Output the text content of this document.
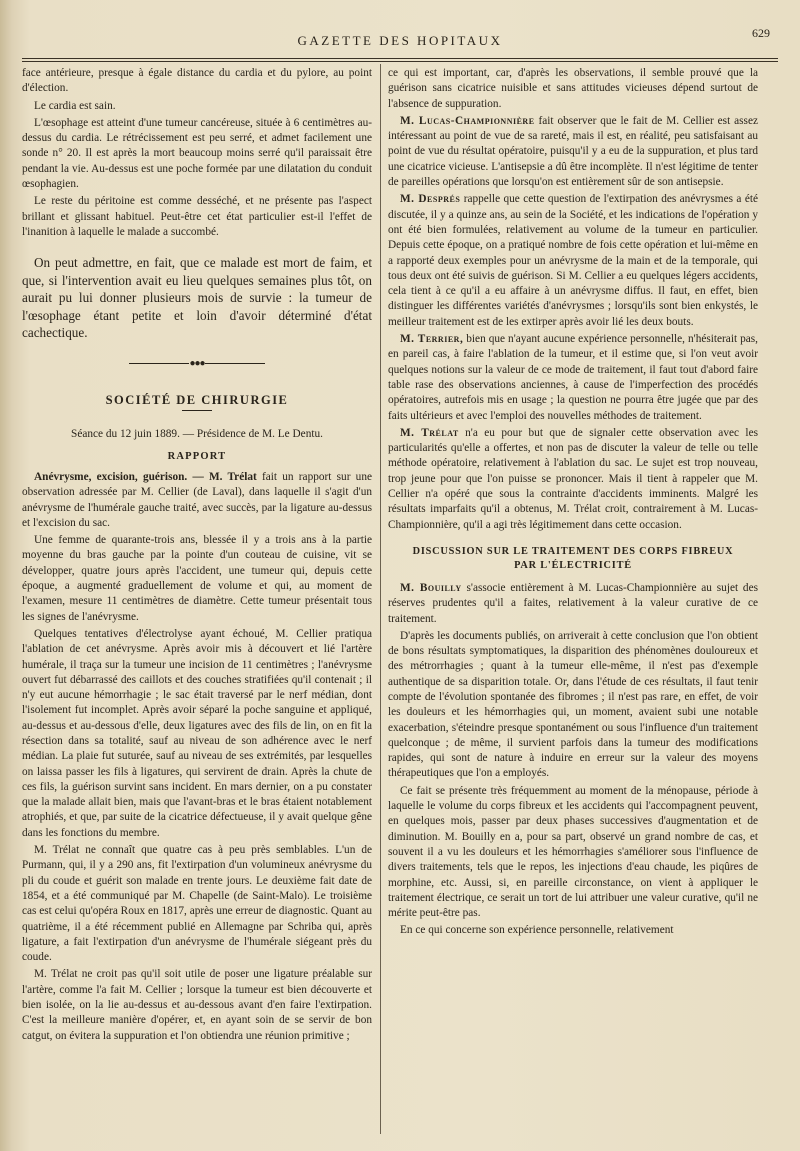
GAZETTE DES HOPITAUX	629

face antérieure, presque à égale distance du cardia et du pylore, au point d'élection.

Le cardia est sain.

L'œsophage est atteint d'une tumeur cancéreuse, située à 6 centimètres au-dessus du cardia. Le rétrécissement est peu serré, et admet facilement une sonde n° 20. Il est après la mort beaucoup moins serré qu'il paraissait être pendant la vie. Au-dessus est une poche formée par une dilatation du conduit œsophagien.

Le reste du péritoine est comme desséché, et ne présente pas l'aspect brillant et glissant habituel. Peut-être cet état particulier est-il l'effet de l'inanition à laquelle le malade a succombé.

On peut admettre, en fait, que ce malade est mort de faim, et que, si l'intervention avait eu lieu quelques semaines plus tôt, on aurait pu lui donner plusieurs mois de survie : la tumeur de l'œsophage étant petite et loin d'avoir déterminé d'état cachectique.

●●●
SOCIÉTÉ DE CHIRURGIE

Séance du 12 juin 1889. — Présidence de M. Le Dentu.

RAPPORT

Anévrysme, excision, guérison. — M. Trélat fait un rapport sur une observation adressée par M. Cellier (de Laval), dans laquelle il s'agit d'un anévrysme de l'humérale gauche traité, avec succès, par la ligature au-dessus et l'excision du sac.

Une femme de quarante-trois ans, blessée il y a trois ans à la partie moyenne du bras gauche par la pointe d'un couteau de cuisine, vit se développer, quatre jours après l'accident, une tumeur qui, depuis cette époque, a augmenté graduellement de volume et qui, au moment de l'examen, mesure 11 centimètres de diamètre. Cette tumeur présentait tous les signes de l'anévrysme.

Quelques tentatives d'électrolyse ayant échoué, M. Cellier pratiqua l'ablation de cet anévrysme. Après avoir mis à découvert et lié l'artère humérale, il traça sur la tumeur une incision de 11 centimètres ; l'anévrysme ouvert fut débarrassé des caillots et des couches stratifiées qu'il contenait ; il n'y eut aucune hémorrhagie ; le sac était traversé par le nerf médian, dont l'isolement fut incomplet. Après avoir séparé la poche sanguine et appliqué, au-dessus et au-dessous d'elle, deux ligatures avec des fils de lin, on en fit la résection dans sa totalité, sauf au niveau de son adhérence avec le nerf médian. La plaie fut suturée, sauf au niveau de ses extrémités, par lesquelles on laissa passer les fils à ligatures, qui servirent de drain. Après la chute de ces fils, la guérison survint sans incident. En mars dernier, on a pu constater que la malade allait bien, mais que l'avant-bras et le bras étaient notablement atrophiés, et que, par suite de la cicatrice défectueuse, il y avait quelque gêne dans les fonctions du membre.

M. Trélat ne connaît que quatre cas à peu près semblables. L'un de Purmann, qui, il y a 290 ans, fit l'extirpation d'un volumineux anévrysme du pli du coude et guérit son malade en trente jours. Le deuxième fait date de 1854, et a été communiqué par M. Chapelle (de Saint-Malo). Le troisième cas est celui qu'opéra Roux en 1817, après une erreur de diagnostic. Quant au quatrième, il a été récemment publié en Allemagne par Schriba qui, après ligature, a fait l'extirpation d'un anévrysme de l'humérale siégeant près du coude.

M. Trélat ne croit pas qu'il soit utile de poser une ligature préalable sur l'artère, comme l'a fait M. Cellier ; lorsque la tumeur est bien découverte et bien isolée, on la lie au-dessus et au-dessous avant d'en faire l'extirpation. C'est la meilleure manière d'opérer, et, en ayant soin de se servir de bon catgut, on évitera la suppuration et l'on obtiendra une réunion primitive ;

ce qui est important, car, d'après les observations, il semble prouvé que la guérison sans cicatrice nuisible et sans attitudes vicieuses dépend surtout de l'absence de suppuration.

M. Lucas-Championnière fait observer que le fait de M. Cellier est assez intéressant au point de vue de sa rareté, mais il est, en réalité, peu satisfaisant au point de vue du résultat opératoire, puisqu'il y a eu de la suppuration, et plus tard une cicatrice vicieuse. L'antisepsie a dû être incomplète. Il n'est légitime de tenter de pareilles opérations que lorsqu'on est entièrement sûr de son antisepsie.

M. Després rappelle que cette question de l'extirpation des anévrysmes a été discutée, il y a quinze ans, au sein de la Société, et les indications de l'opération y ont été bien formulées, relativement au volume de la tumeur en particulier. Depuis cette époque, on a pratiqué nombre de fois cette opération et lui-même en a rapporté deux exemples pour un anévrysme de la main et de la temporale, qui tous deux ont été suivis de guérison. Si M. Cellier a eu quelques légers accidents, cela tient à ce qu'il a eu affaire à un anévrysme diffus. Il faut, en effet, bien distinguer les différentes variétés d'anévrysmes ; lorsqu'ils sont bien enkystés, le meilleur traitement est de les extirper après avoir lié les deux bouts.

M. Terrier, bien que n'ayant aucune expérience personnelle, n'hésiterait pas, en pareil cas, à faire l'ablation de la tumeur, et il estime que, si l'on veut avoir quelques notions sur la valeur de ce mode de traitement, il faut tout d'abord faire table rase des observations anciennes, à cause de l'imperfection des procédés opératoires, autrefois mis en usage ; la question ne pourra être jugée que par des faits ultérieurs et avec l'emploi des nouvelles méthodes de traitement.

M. Trélat n'a eu pour but que de signaler cette observation avec les particularités qu'elle a offertes, et non pas de discuter la valeur de telle ou telle méthode opératoire, relativement à l'ablation du sac. Le sujet est trop nouveau, trop jeune pour que l'on puisse se prononcer. Mais il tient à rappeler que M. Cellier n'a opéré que sous la contrainte d'accidents imminents. Malgré les résultats imparfaits qu'il a obtenus, M. Trélat croit, contrairement à M. Lucas-Championnière, qu'il a agi très légitimement dans cette occasion.

DISCUSSION SUR LE TRAITEMENT DES CORPS FIBREUX
PAR L'ÉLECTRICITÉ

M. Bouilly s'associe entièrement à M. Lucas-Championnière au sujet des réserves prudentes qu'il a faites, relativement à la valeur curative de ce traitement.

D'après les documents publiés, on arriverait à cette conclusion que l'on obtient de bons résultats symptomatiques, la disparition des phénomènes douloureux et des métrorrhagies ; quant à la tumeur elle-même, il n'est pas d'exemple authentique de sa disparition totale. Or, dans l'étude de ces résultats, il faut tenir compte de l'évolution spontanée des fibromes ; il n'est pas rare, en effet, de voir les douleurs et les hémorrhagies qui, un moment, avaient subi une notable exacerbation, s'éteindre presque spontanément ou sous l'influence d'un traitement quelconque ; de même, il survient parfois dans la tumeur des modifications rapides, qui sont de nature à induire en erreur sur la valeur des moyens thérapeutiques que l'on a employés.

Ce fait se présente très fréquemment au moment de la ménopause, période à laquelle le volume du corps fibreux et les accidents qui l'accompagnent peuvent, en quelques mois, passer par deux phases successives d'augmentation et de diminution. M. Bouilly en a, pour sa part, observé un grand nombre de cas, et souvent il a vu les douleurs et les hémorrhagies s'améliorer sous l'influence de divers traitements, tels que le repos, les injections d'eau chaude, les piqûres de morphine, etc. Aussi, si, en pareille circonstance, on vient à appliquer le traitement électrique, ce serait un tort de lui attribuer une valeur curative, qu'il ne mérite peut-être pas.

En ce qui concerne son expérience personnelle, relativement
